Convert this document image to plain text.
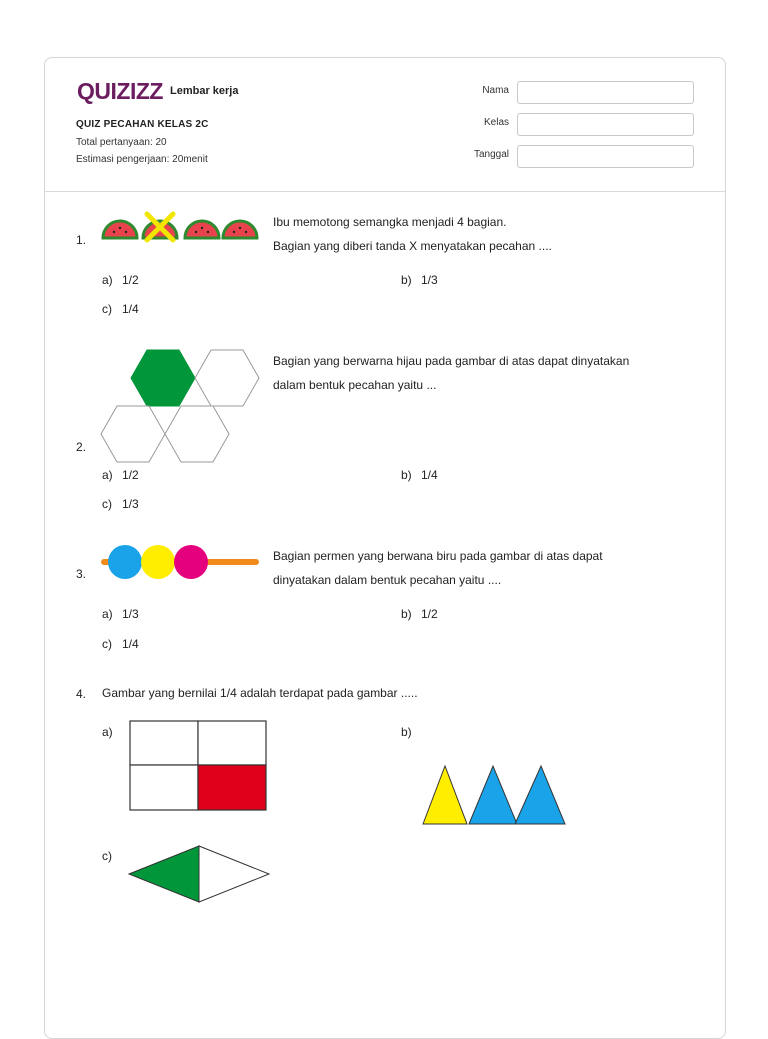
QUIZIZZ Lembar kerja
QUIZ PECAHAN KELAS 2C
Total pertanyaan: 20
Estimasi pengerjaan: 20menit
Nama
Kelas
Tanggal
1.
Ibu memotong semangka menjadi 4 bagian.
Bagian yang diberi tanda X menyatakan pecahan ....
a) 1/2	b) 1/3
c) 1/4
2.
Bagian yang berwarna hijau pada gambar di atas dapat dinyatakan
dalam bentuk pecahan yaitu ...
a) 1/2	b) 1/4
c) 1/3
3.
Bagian permen yang berwana biru pada gambar di atas dapat
dinyatakan dalam bentuk pecahan yaitu ....
a) 1/3	b) 1/2
c) 1/4
4. Gambar yang bernilai 1/4 adalah terdapat pada gambar .....
a)	b)
c)
